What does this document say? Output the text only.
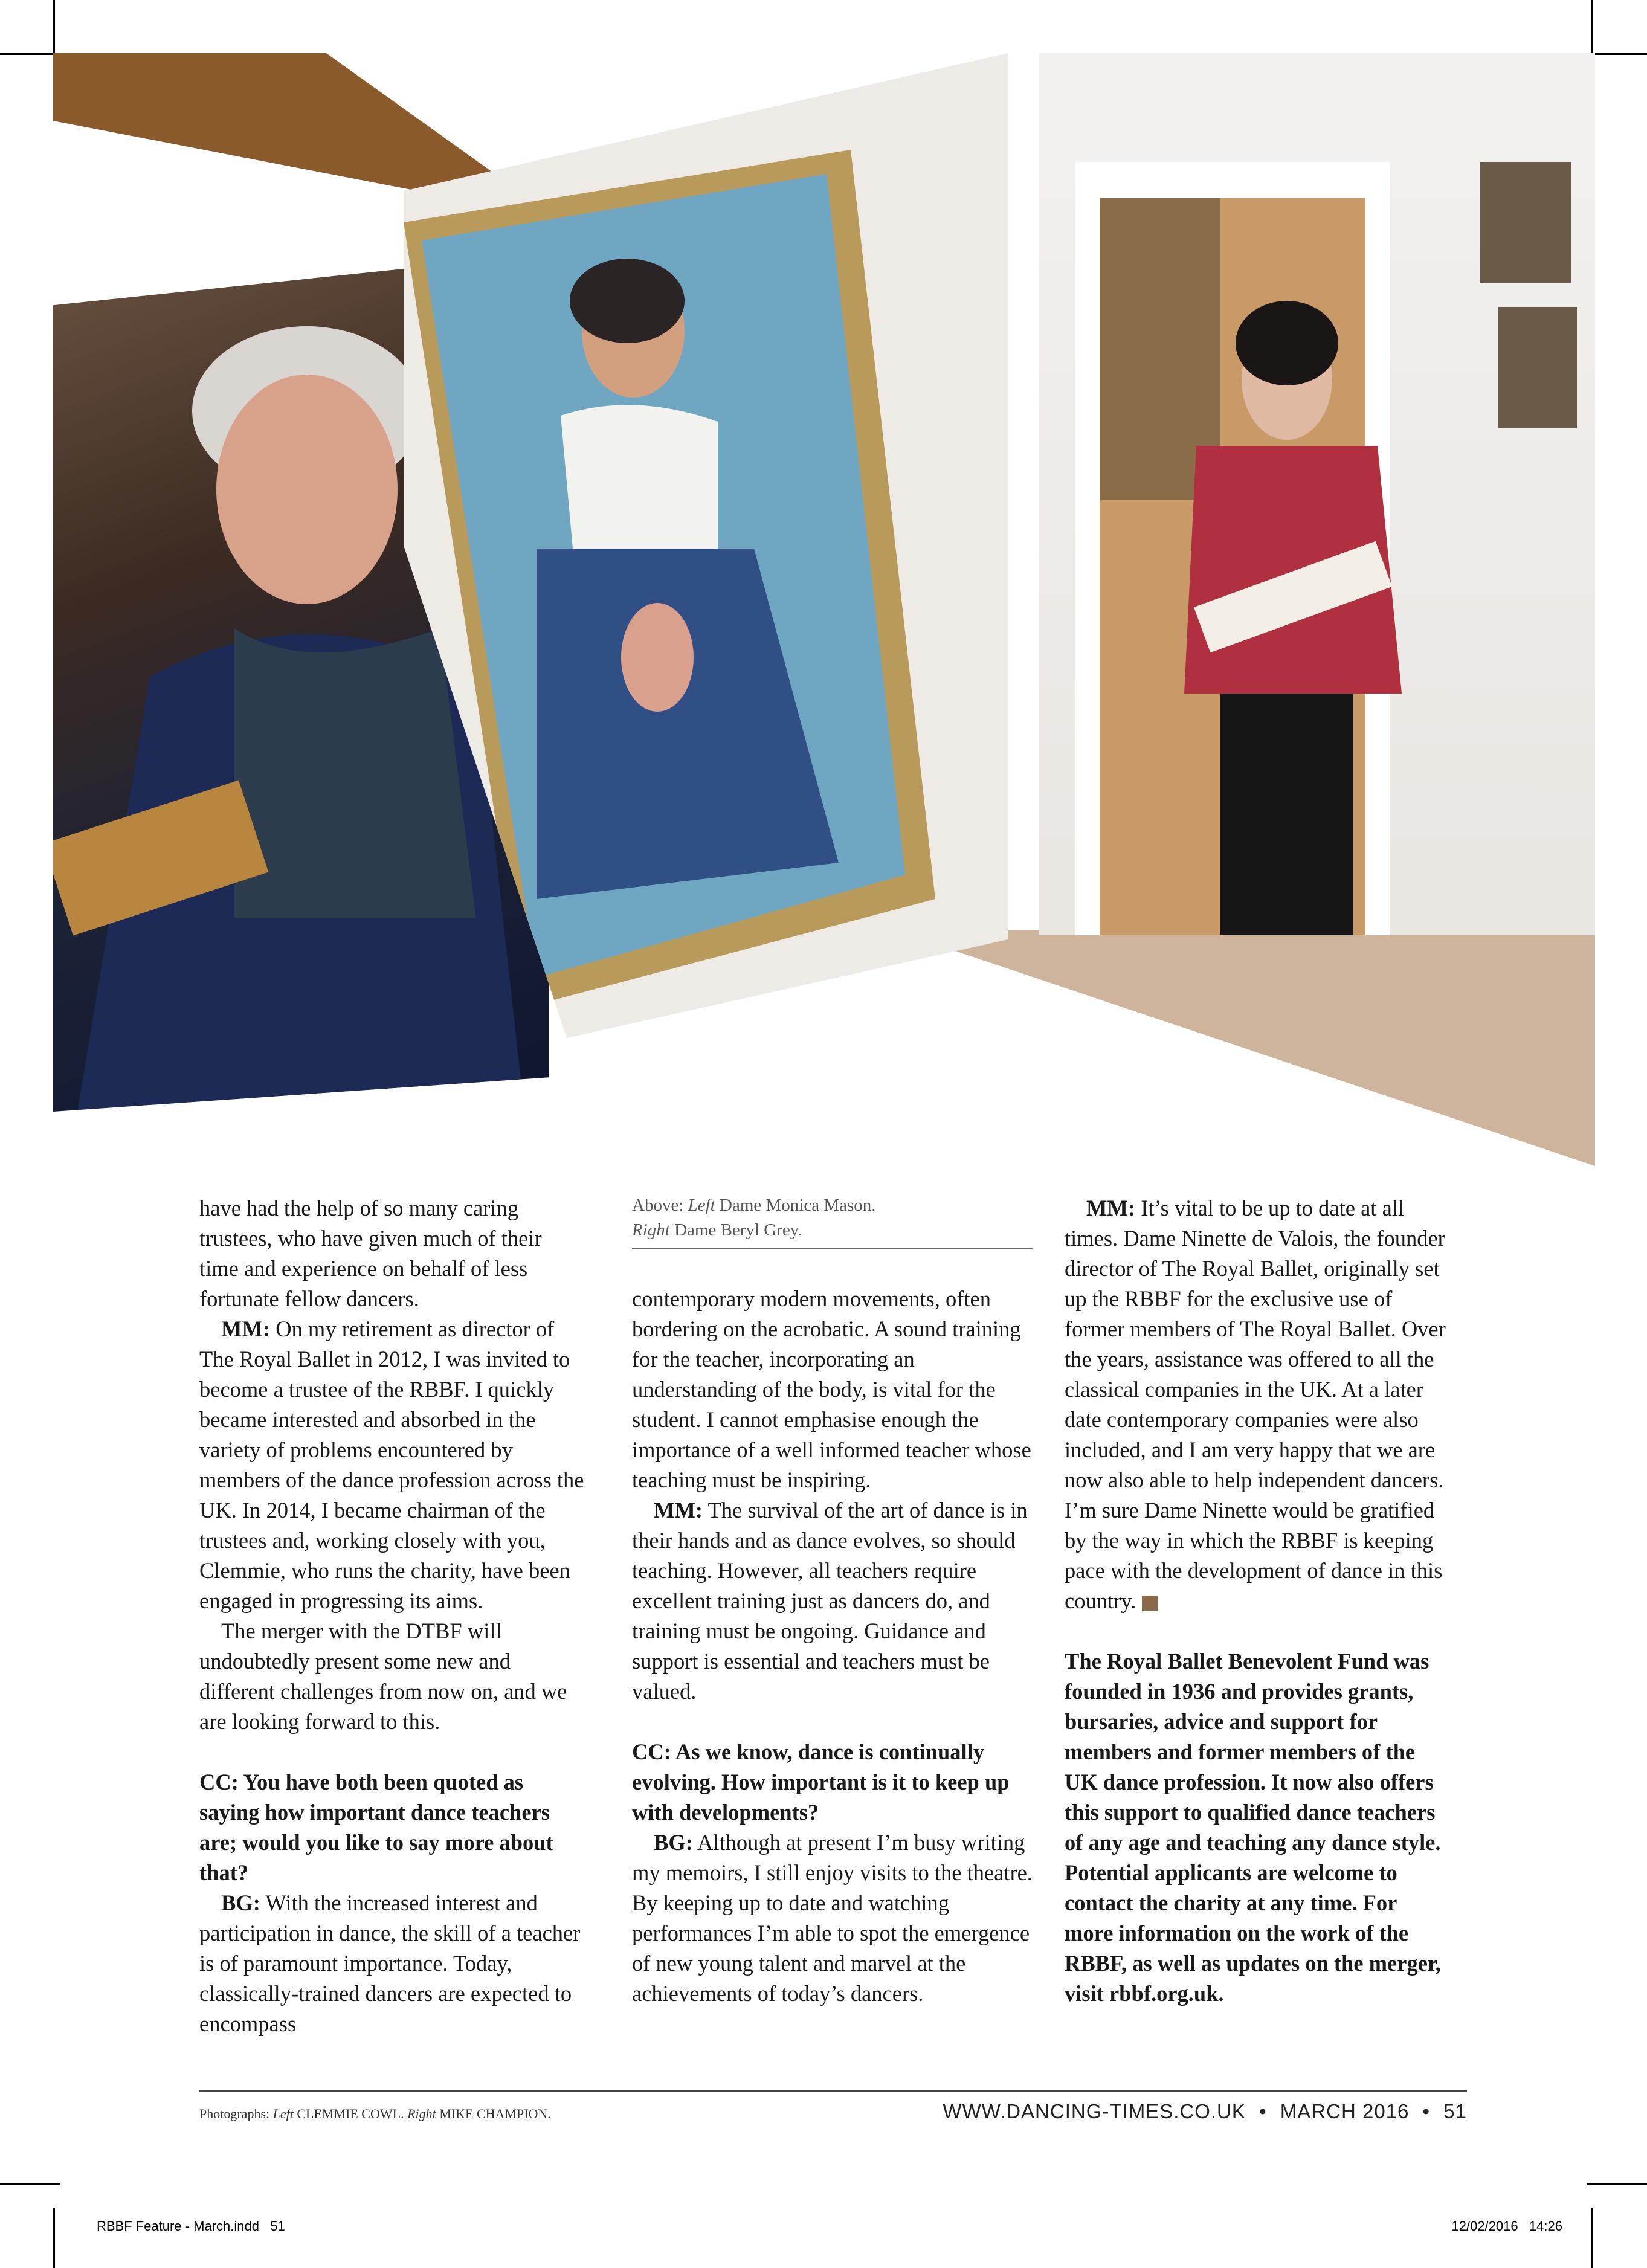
have had the help of so many caring trustees, who have given much of their time and experience on behalf of less fortunate fellow dancers.

MM: On my retirement as director of The Royal Ballet in 2012, I was invited to become a trustee of the RBBF. I quickly became interested and absorbed in the variety of problems encountered by members of the dance profession across the UK. In 2014, I became chairman of the trustees and, working closely with you, Clemmie, who runs the charity, have been engaged in progressing its aims.

The merger with the DTBF will undoubtedly present some new and different challenges from now on, and we are looking forward to this.

CC: You have both been quoted as saying how important dance teachers are; would you like to say more about that?

BG: With the increased interest and participation in dance, the skill of a teacher is of paramount importance. Today, classically-trained dancers are expected to encompass

Above: Left Dame Monica Mason.
Right Dame Beryl Grey.

contemporary modern movements, often bordering on the acrobatic. A sound training for the teacher, incorporating an understanding of the body, is vital for the student. I cannot emphasise enough the importance of a well informed teacher whose teaching must be inspiring.

MM: The survival of the art of dance is in their hands and as dance evolves, so should teaching. However, all teachers require excellent training just as dancers do, and training must be ongoing. Guidance and support is essential and teachers must be valued.

CC: As we know, dance is continually evolving. How important is it to keep up with developments?

BG: Although at present I’m busy writing my memoirs, I still enjoy visits to the theatre. By keeping up to date and watching performances I’m able to spot the emergence of new young talent and marvel at the achievements of today’s dancers.

MM: It’s vital to be up to date at all times. Dame Ninette de Valois, the founder director of The Royal Ballet, originally set up the RBBF for the exclusive use of former members of The Royal Ballet. Over the years, assistance was offered to all the classical companies in the UK. At a later date contemporary companies were also included, and I am very happy that we are now also able to help independent dancers. I’m sure Dame Ninette would be gratified by the way in which the RBBF is keeping pace with the development of dance in this country.

The Royal Ballet Benevolent Fund was founded in 1936 and provides grants, bursaries, advice and support for members and former members of the UK dance profession. It now also offers this support to qualified dance teachers of any age and teaching any dance style. Potential applicants are welcome to contact the charity at any time. For more information on the work of the RBBF, as well as updates on the merger, visit rbbf.org.uk.

Photographs: Left CLEMMIE COWL. Right MIKE CHAMPION.	WWW.DANCING-TIMES.CO.UK • MARCH 2016 • 51
RBBF Feature - March.indd   51	12/02/2016   14:26
